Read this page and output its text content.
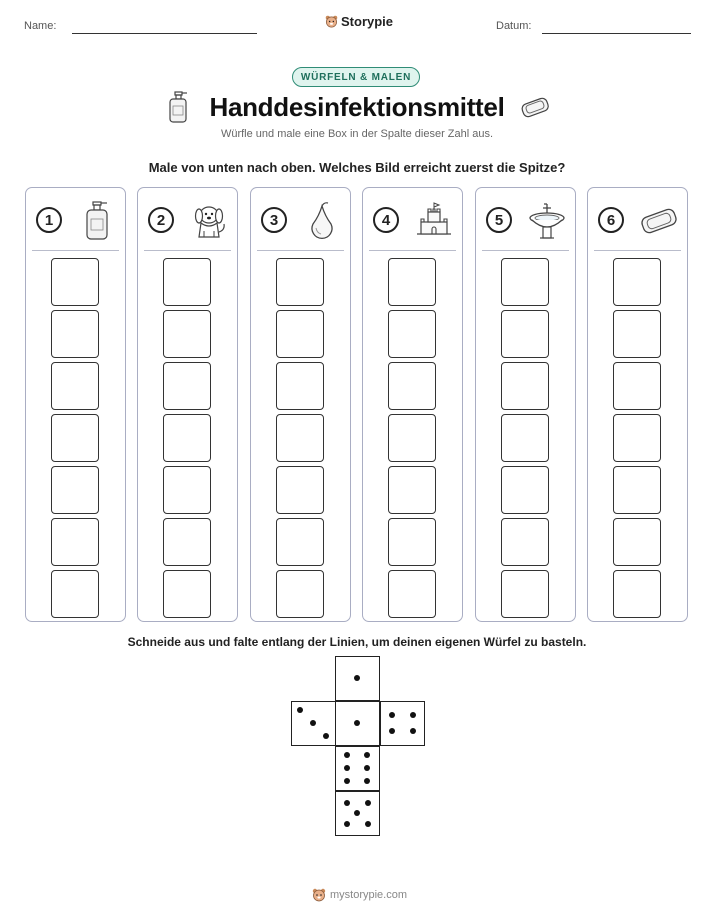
Name:	Storypie	Datum:
WÜRFELN & MALEN
Handdesinfektionsmittel
Würfle und male eine Box in der Spalte dieser Zahl aus.
Male von unten nach oben. Welches Bild erreicht zuerst die Spitze?
1	2	3	4	5	6
Schneide aus und falte entlang der Linien, um deinen eigenen Würfel zu basteln.
mystorypie.com
